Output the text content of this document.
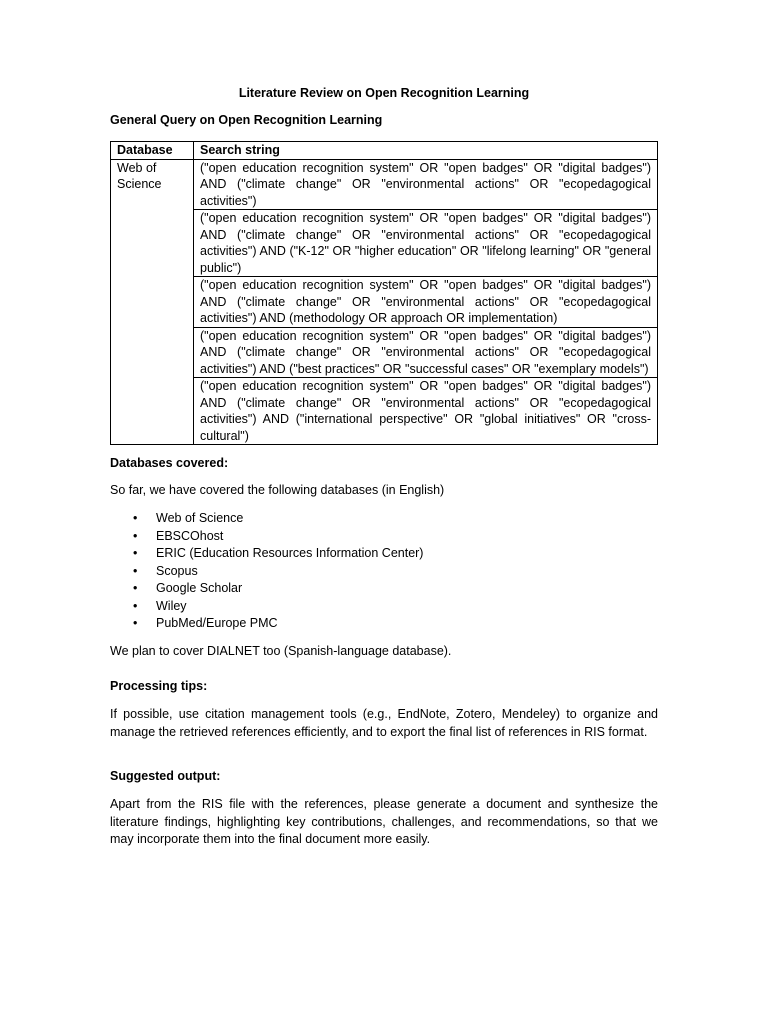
Literature Review on Open Recognition Learning
General Query on Open Recognition Learning
Database	Search string
Web of Science	("open education recognition system" OR "open badges" OR "digital badges") AND ("climate change" OR "environmental actions" OR "ecopedagogical activities")
	("open education recognition system" OR "open badges" OR "digital badges") AND ("climate change" OR "environmental actions" OR "ecopedagogical activities") AND ("K-12" OR "higher education" OR "lifelong learning" OR "general public")
	("open education recognition system" OR "open badges" OR "digital badges") AND ("climate change" OR "environmental actions" OR "ecopedagogical activities") AND (methodology OR approach OR implementation)
	("open education recognition system" OR "open badges" OR "digital badges") AND ("climate change" OR "environmental actions" OR "ecopedagogical activities") AND ("best practices" OR "successful cases" OR "exemplary models")
	("open education recognition system" OR "open badges" OR "digital badges") AND ("climate change" OR "environmental actions" OR "ecopedagogical activities") AND ("international perspective" OR "global initiatives" OR "cross-cultural")
Databases covered:
So far, we have covered the following databases (in English)
• Web of Science
• EBSCOhost
• ERIC (Education Resources Information Center)
• Scopus
• Google Scholar
• Wiley
• PubMed/Europe PMC
We plan to cover DIALNET too (Spanish-language database).
Processing tips:

If possible, use citation management tools (e.g., EndNote, Zotero, Mendeley) to organize and manage the retrieved references efficiently, and to export the final list of references in RIS format.

Suggested output:

Apart from the RIS file with the references, please generate a document and synthesize the literature findings, highlighting key contributions, challenges, and recommendations, so that we may incorporate them into the final document more easily.
